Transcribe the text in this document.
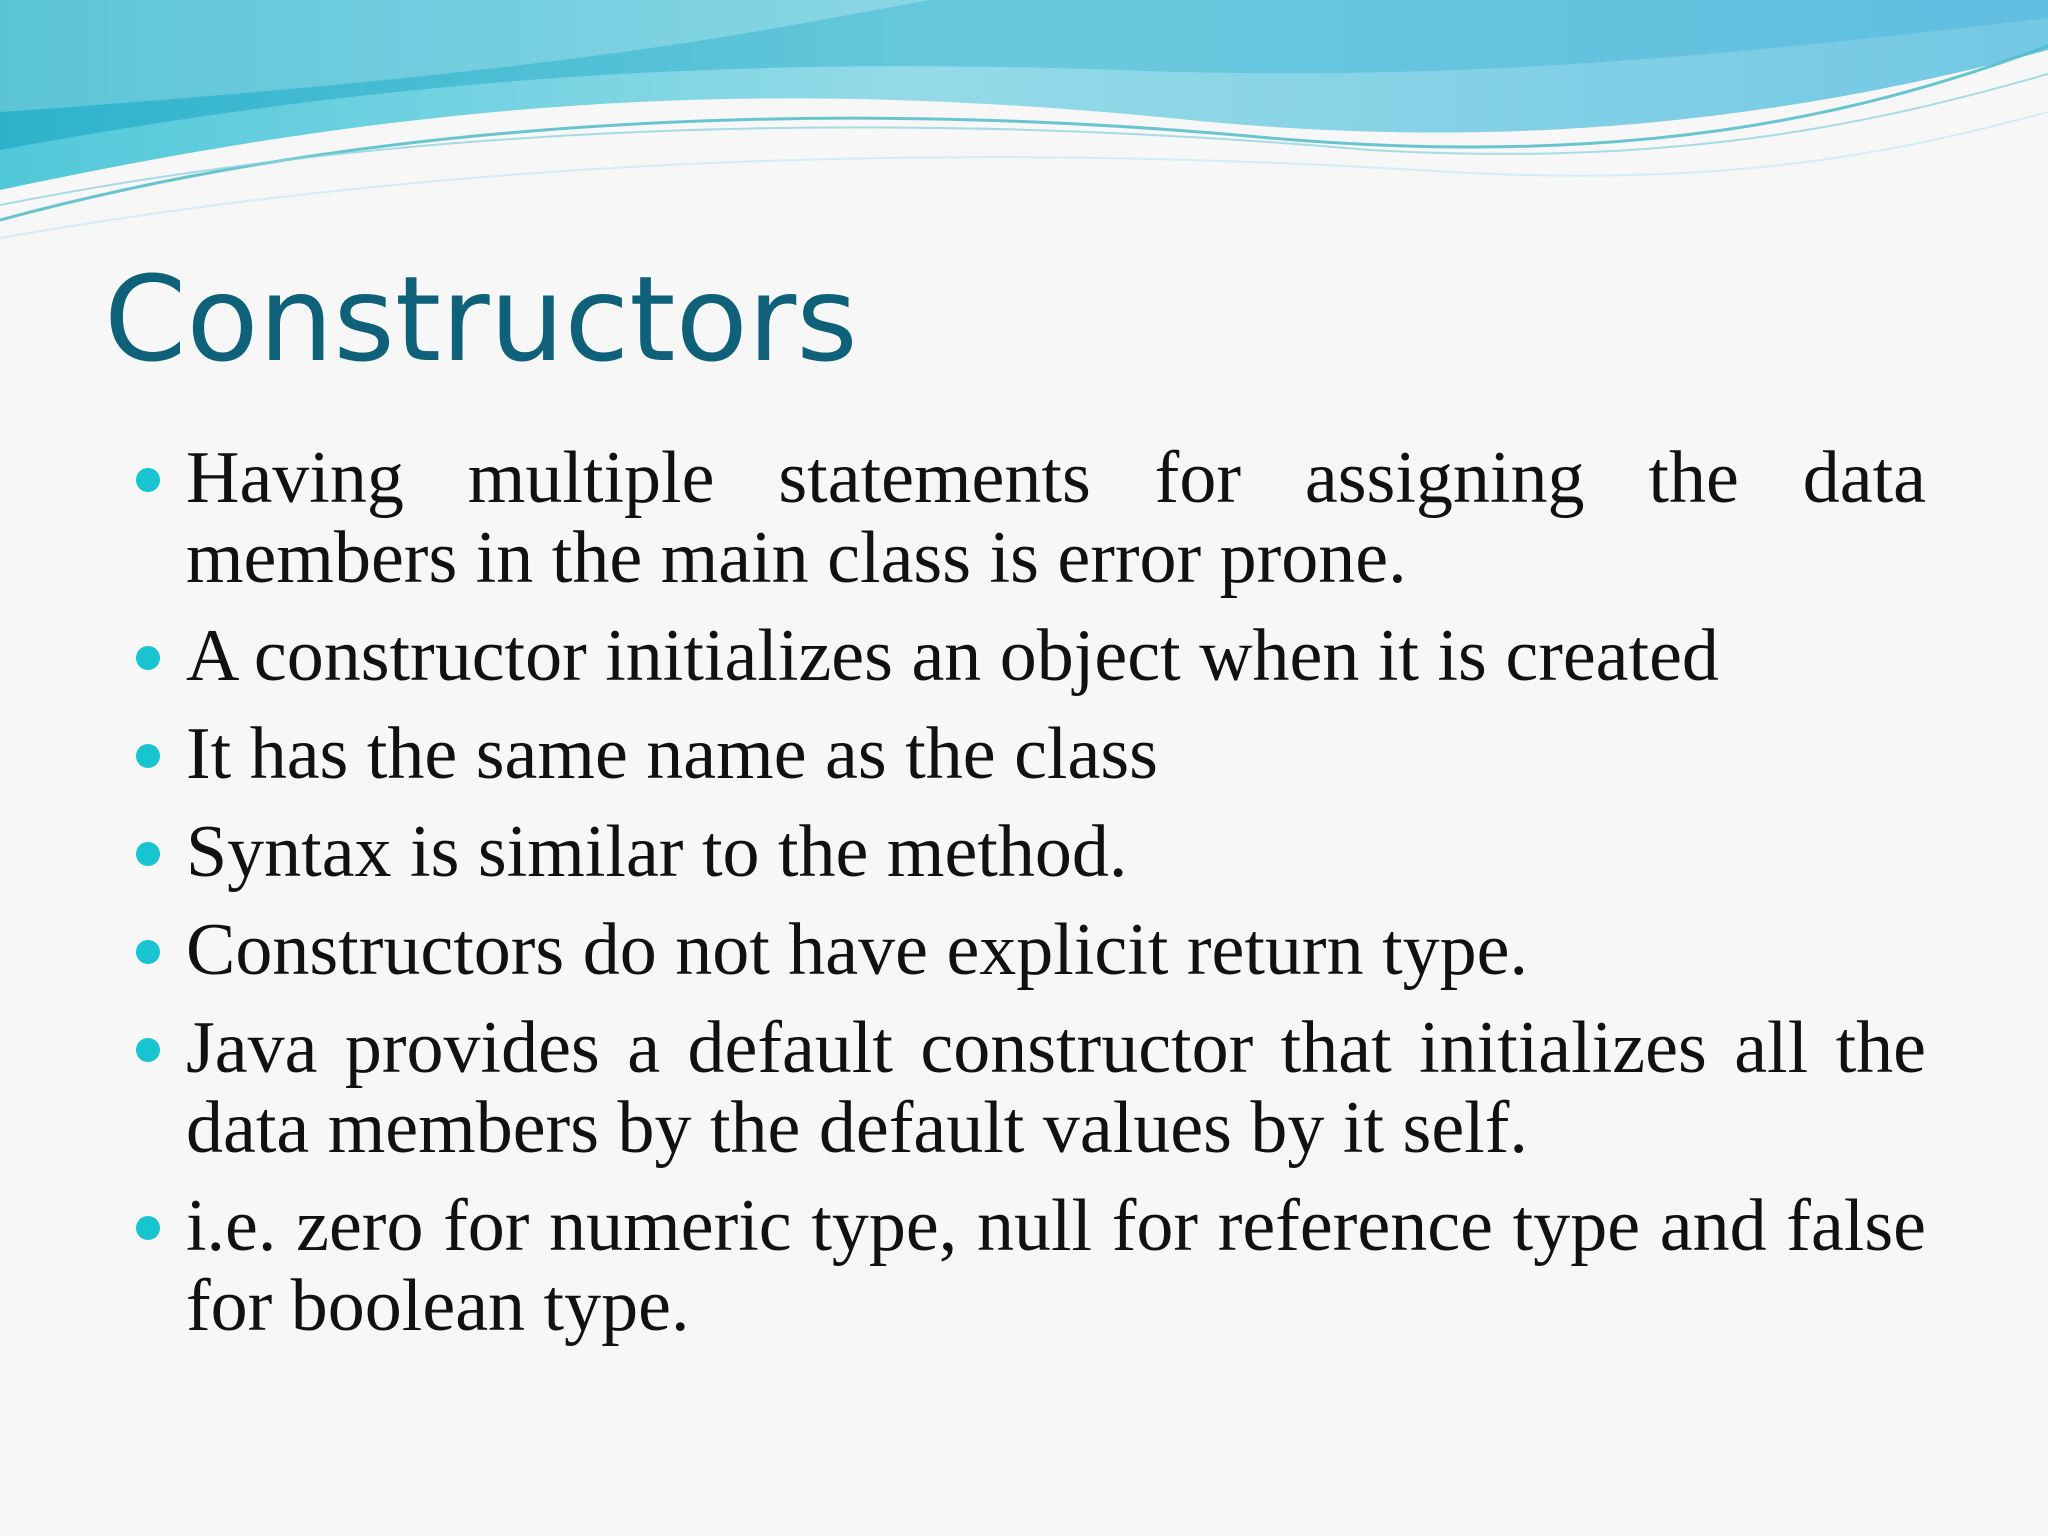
Constructors
Having multiple statements for assigning the data members in the main class is error prone.
A constructor initializes an object when it is created
It has the same name as the class
Syntax is similar to the method.
Constructors do not have explicit return type.
Java provides a default constructor that initializes all the data members by the default values by it self.
i.e. zero for numeric type, null for reference type and false for boolean type.
